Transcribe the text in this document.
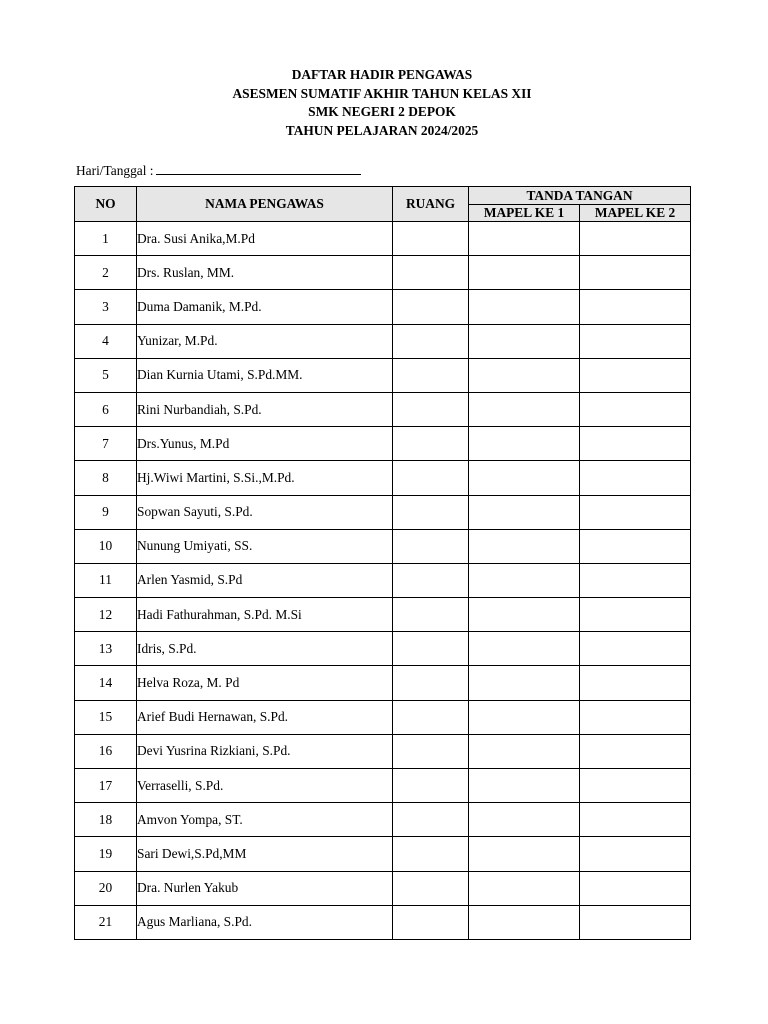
DAFTAR HADIR PENGAWAS
ASESMEN SUMATIF AKHIR TAHUN KELAS XII
SMK NEGERI 2 DEPOK
TAHUN PELAJARAN 2024/2025
Hari/Tanggal :
NO	NAMA PENGAWAS	RUANG	TANDA TANGAN	
			MAPEL KE 1	MAPEL KE 2
1	Dra. Susi Anika,M.Pd			
2	Drs. Ruslan, MM.			
3	Duma Damanik, M.Pd.			
4	Yunizar, M.Pd.			
5	Dian Kurnia Utami, S.Pd.MM.			
6	Rini Nurbandiah, S.Pd.			
7	Drs.Yunus, M.Pd			
8	Hj.Wiwi Martini, S.Si.,M.Pd.			
9	Sopwan Sayuti, S.Pd.			
10	Nunung Umiyati, SS.			
11	Arlen Yasmid, S.Pd			
12	Hadi Fathurahman, S.Pd. M.Si			
13	Idris, S.Pd.			
14	Helva Roza, M. Pd			
15	Arief Budi Hernawan, S.Pd.			
16	Devi Yusrina Rizkiani, S.Pd.			
17	Verraselli, S.Pd.			
18	Amvon Yompa, ST.			
19	Sari Dewi,S.Pd,MM			
20	Dra. Nurlen Yakub			
21	Agus Marliana, S.Pd.			
